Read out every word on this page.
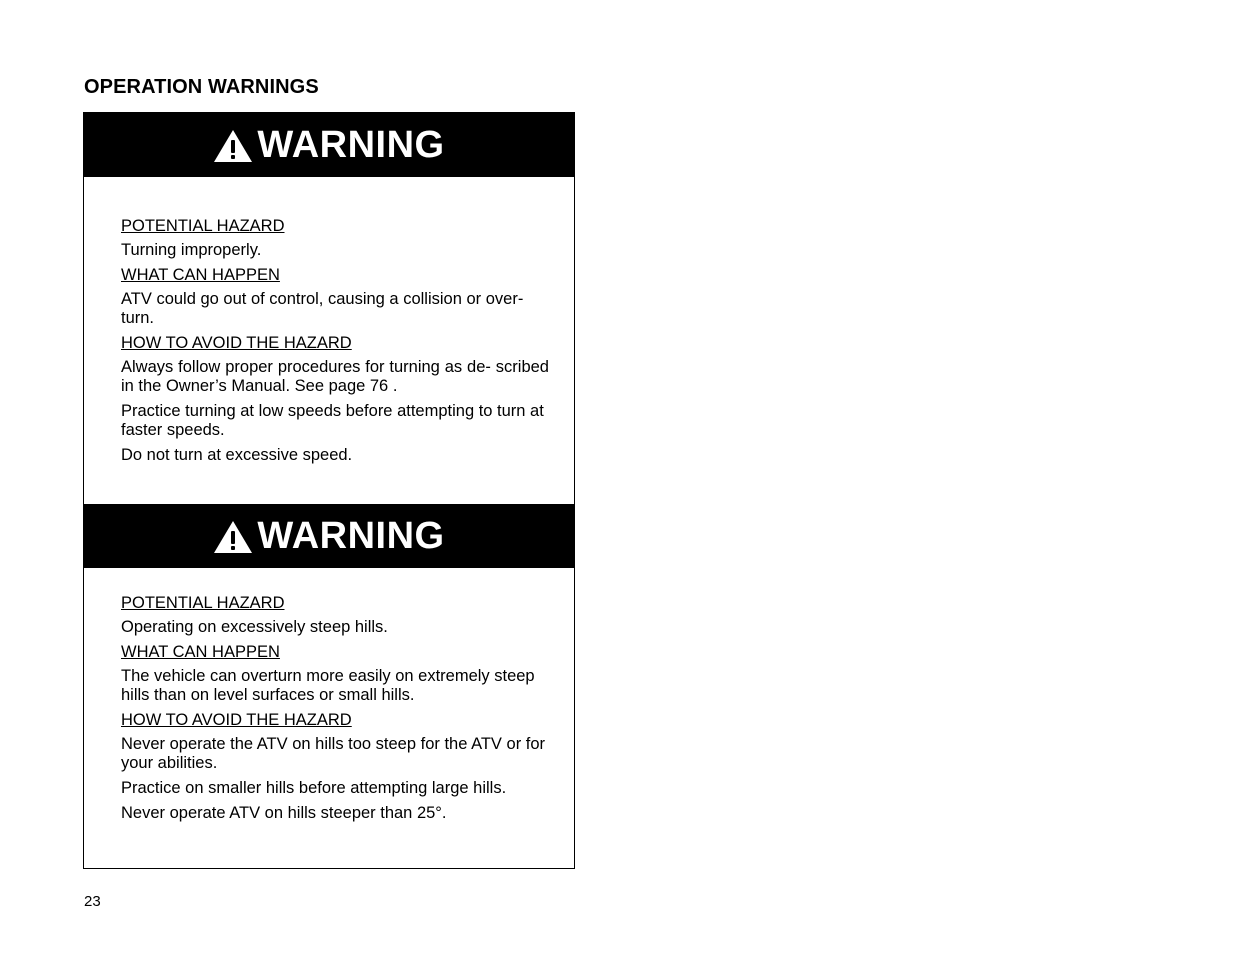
OPERATION WARNINGS
WARNING

POTENTIAL HAZARD

Turning improperly.

WHAT CAN HAPPEN

ATV could go out of control, causing a collision or over- turn.

HOW TO AVOID THE HAZARD

Always follow proper procedures for turning as de- scribed in the Owner’s Manual. See page 76 .

Practice turning at low speeds before attempting to turn at faster speeds.

Do not turn at excessive speed.

WARNING

POTENTIAL HAZARD

Operating on excessively steep hills.

WHAT CAN HAPPEN

The vehicle can overturn more easily on extremely steep hills than on level surfaces or small hills.

HOW TO AVOID THE HAZARD

Never operate the ATV on hills too steep for the ATV or for your abilities.

Practice on smaller hills before attempting large hills.

Never operate ATV on hills steeper than 25°.

23
